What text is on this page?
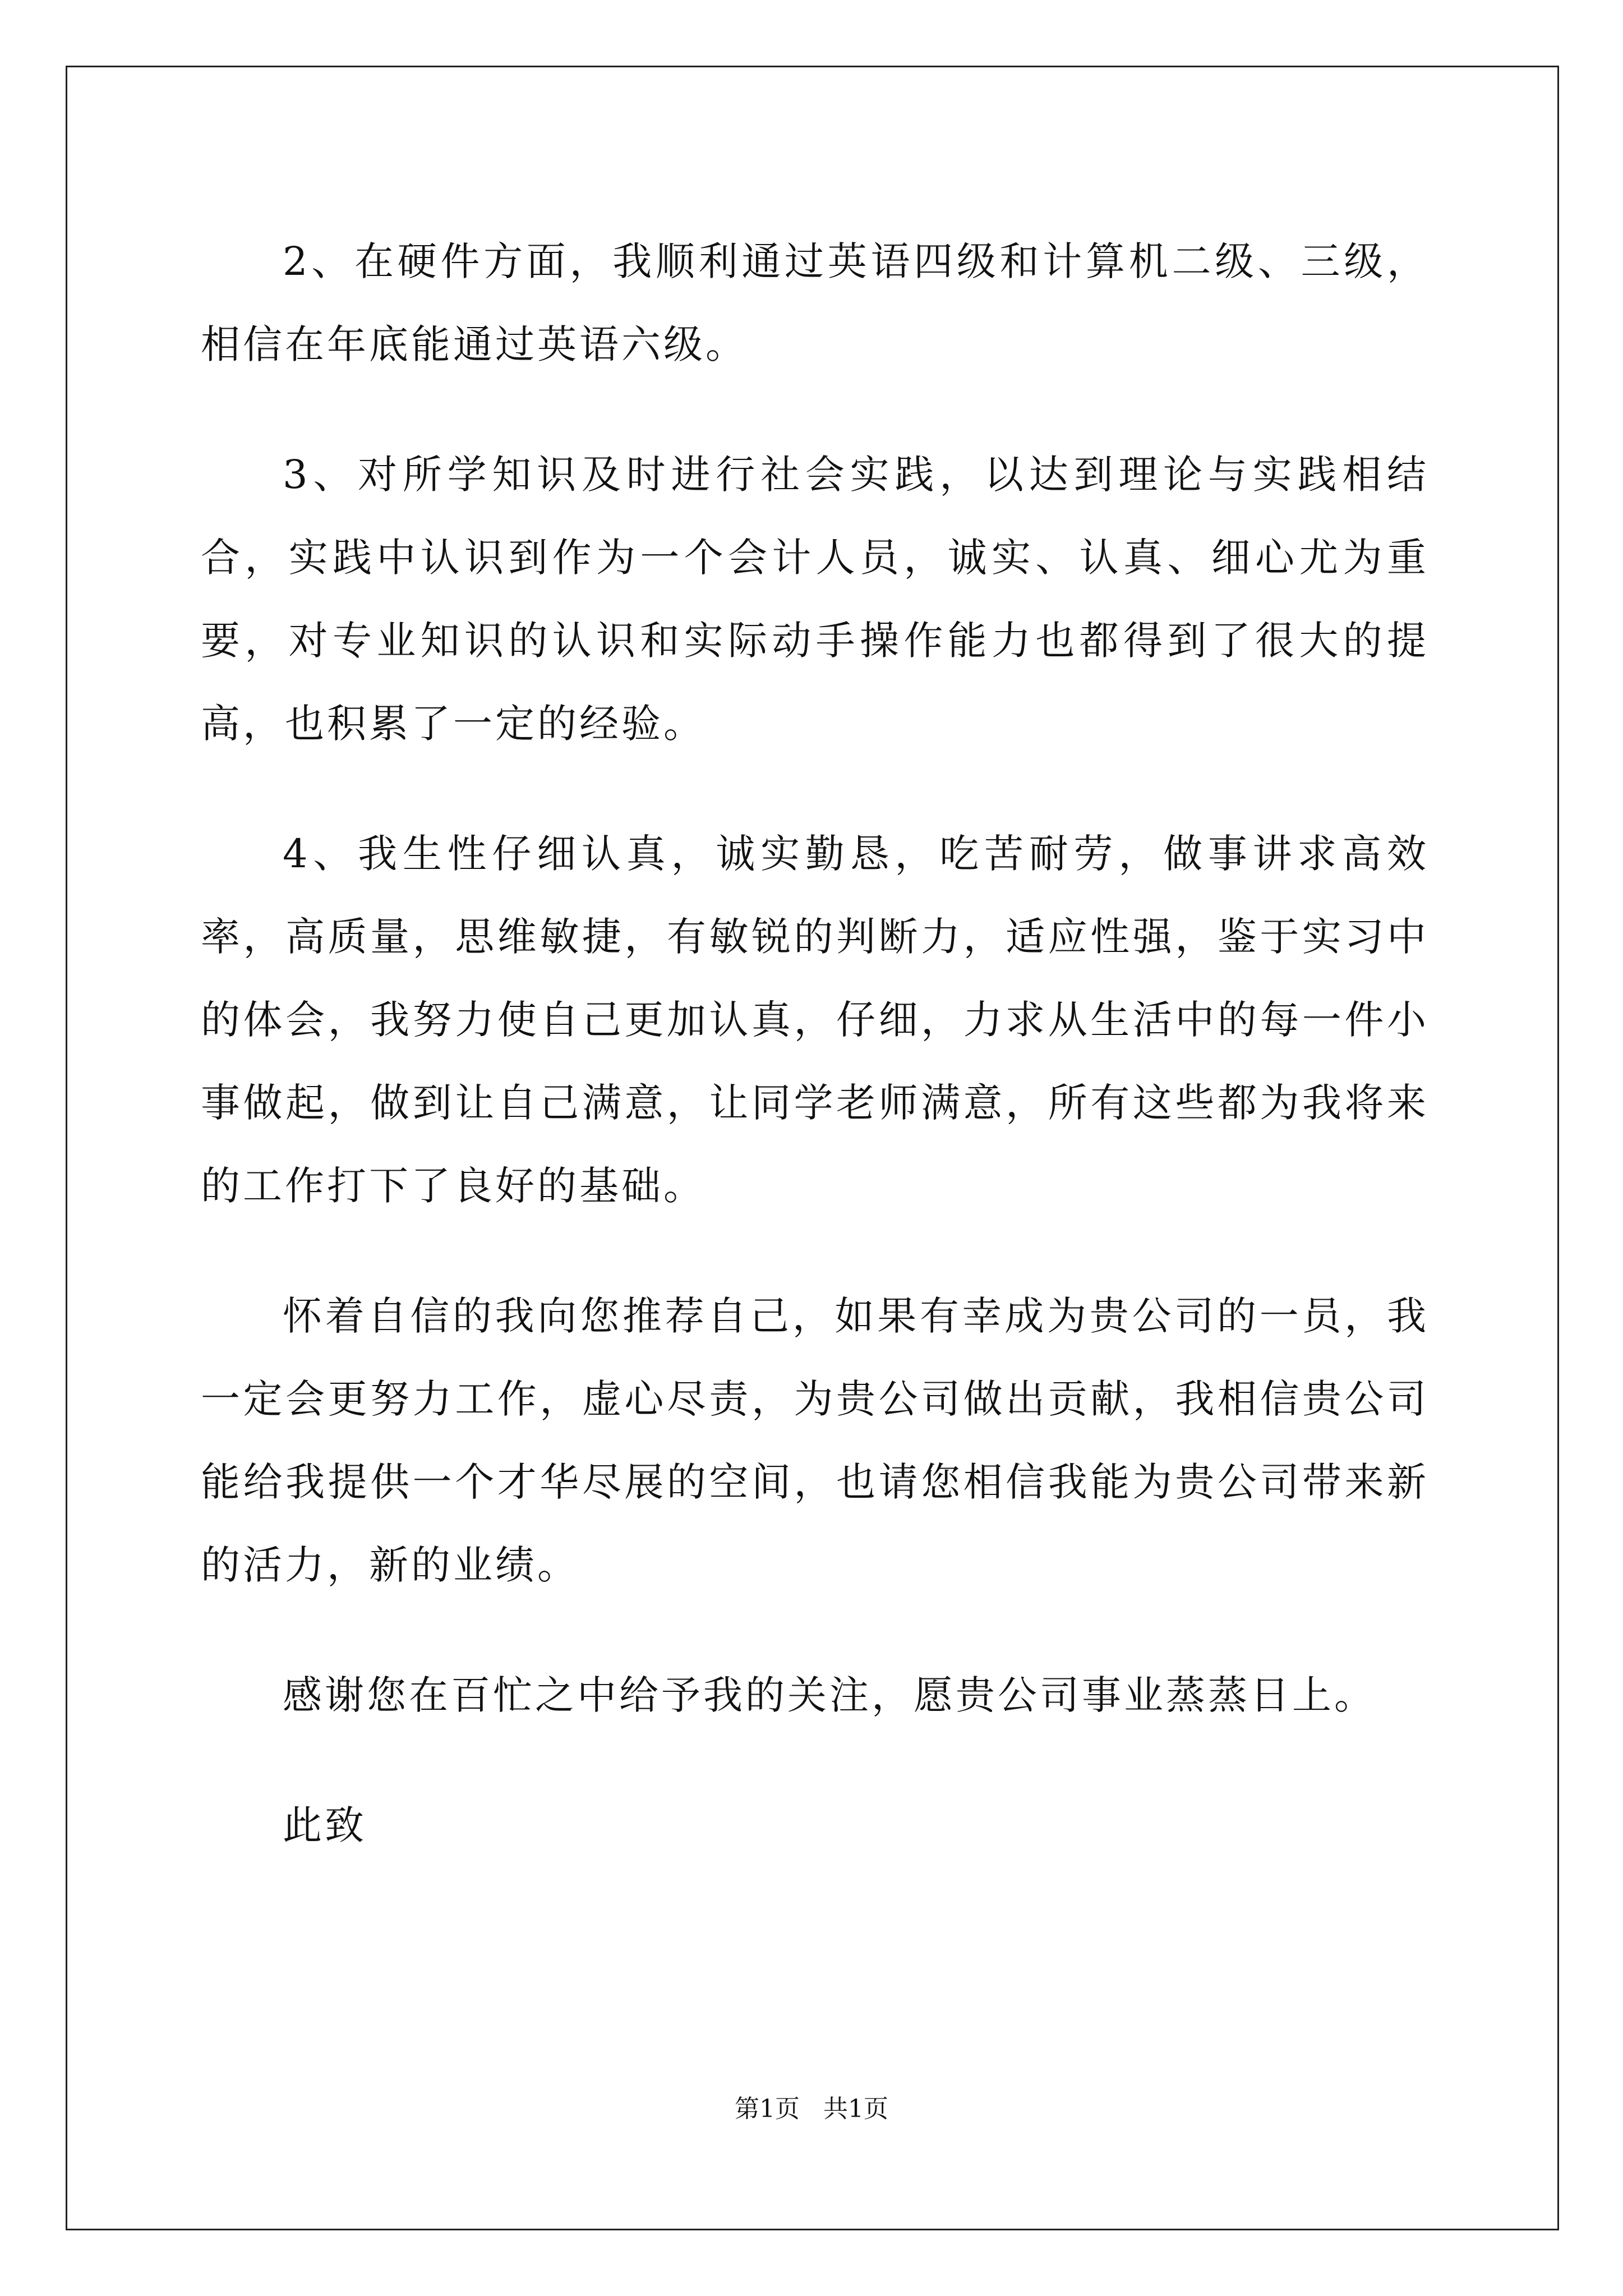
2、在硬件方面，我顺利通过英语四级和计算机二级、三级，相信在年底能通过英语六级。

3、对所学知识及时进行社会实践，以达到理论与实践相结合，实践中认识到作为一个会计人员，诚实、认真、细心尤为重要，对专业知识的认识和实际动手操作能力也都得到了很大的提高，也积累了一定的经验。

4、我生性仔细认真，诚实勤恳，吃苦耐劳，做事讲求高效率，高质量，思维敏捷，有敏锐的判断力，适应性强，鉴于实习中的体会，我努力使自己更加认真，仔细，力求从生活中的每一件小事做起，做到让自己满意，让同学老师满意，所有这些都为我将来的工作打下了良好的基础。

怀着自信的我向您推荐自己，如果有幸成为贵公司的一员，我一定会更努力工作，虚心尽责，为贵公司做出贡献，我相信贵公司能给我提供一个才华尽展的空间，也请您相信我能为贵公司带来新的活力，新的业绩。

感谢您在百忙之中给予我的关注，愿贵公司事业蒸蒸日上。

此致

第1页   共1页
